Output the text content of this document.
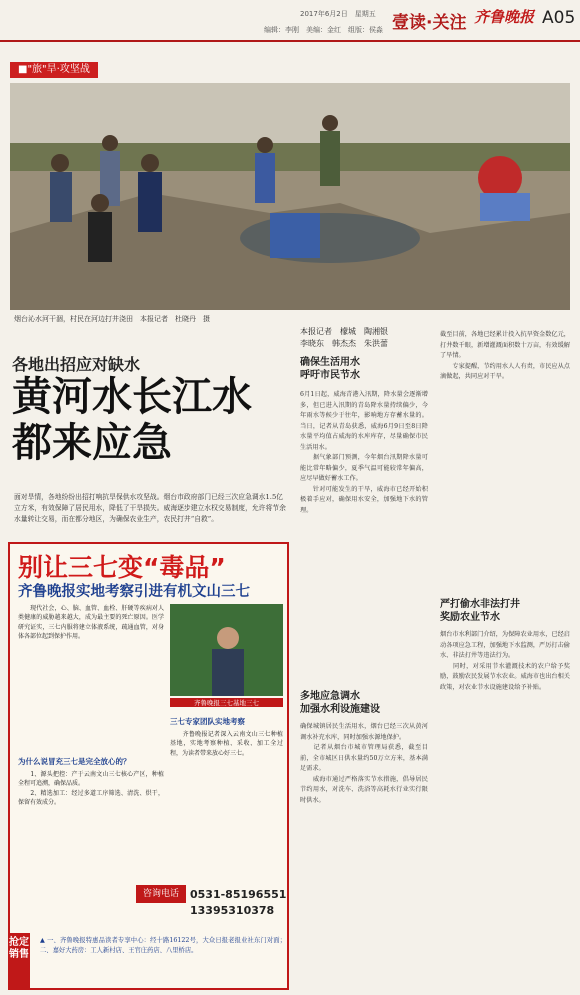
2017年6月2日　星期五
编辑：李刚　美编：金红　组版：侯淼 壹读·关注 齐鲁晚报 A05
■"旅"旱·攻坚战
烟台沁水河干涸，村民在河边打井浇田　本报记者　杜晓丹　摄
各地出招应对缺水
黄河水长江水都来应急
本报记者　檬城　陶湘银
李晓东　韩杰杰　朱洪蕾
确保生活用水
呼吁市民节水
6月1日起，威海青港入汛期，降水量会逐渐增多，但已进入汛期的青岛降水量持续偏少，今年雨水等候少于往年，影响地方存蓄水量的。当日，记者从青岛获悉，威海6月9日至8日降水量平均值占威海的水库库存，尽量确保市民生活用水。
　　据气象部门预测，今年烟台汛期降水量可能比常年略偏少，夏季气温可能较常年偏高，应尽早做好蓄水工作。
　　针对可能发生的干旱，威海市已经开始积极着手应对，确保用水安全，加强地下水的管理。
多地应急调水
加强水利设施建设
确保城镇居民生活用水，烟台已经三次从黄河调水补充水库，同时加强水源地保护。
　　记者从烟台市城市管理局获悉，截至目前，全市城区日供水量约50万立方米，基本满足需求。
　　威海市通过严格落实节水措施，倡导居民节约用水，对洗车、洗浴等高耗水行业实行限时供水。
截至目前，各地已经累计投入抗旱资金数亿元，打井数千眼，新增灌溉面积数十万亩，有效缓解了旱情。
　　专家提醒，节约用水人人有责，市民应从点滴做起，共同应对干旱。
严打偷水非法打井
奖励农业节水
烟台市水利部门介绍，为保障农业用水，已经启动各项应急工程，加强地下水监测，严厉打击偷水、非法打井等违法行为。
　　同时，对采用节水灌溉技术的农户给予奖励，鼓励农民发展节水农业。威海市也出台相关政策，对农业节水设施建设给予补贴。
面对旱情，各地纷纷出招打响抗旱保供水攻坚战。烟台市政府部门已经三次应急调水1.5亿立方米，有效保障了居民用水，降低了干旱损失。威海逐步建立水权交易制度，允许将节余水量转让交易，而在都分地区，为确保农业生产，农民打井“自救”。
别让三七变“毒品”
齐鲁晚报实地考察引进有机文山三七
　　现代社会，心、脑、血管、血栓、肝硬等疾病对人类健康的威胁越来越大，成为最主要的死亡原因。医学研究证实，三七内服将建立体液系统，疏通血管，对身体各部位起到保护作用。
齐鲁晚报三七基地三七
为什么说冒充三七是完全放心的？
　　1、源头把控：产于云南文山三七核心产区，种植全程可追溯，确保品质。
　　2、精选加工：经过多道工序筛选、清洗、烘干，保留有效成分。
三七专家团队实地考察
　　齐鲁晚报记者深入云南文山三七种植基地，实地考察种植、采收、加工全过程，为读者带来放心好三七。
咨询电话	0531-85196551
13395310378
▲ 一、齐鲁晚报特惠品读者专享中心：经十路16122号，大众日报老报业社东门对面；二、嘉好大药房：工人新村店、王官庄药店、八里桥店。
抢定销售
